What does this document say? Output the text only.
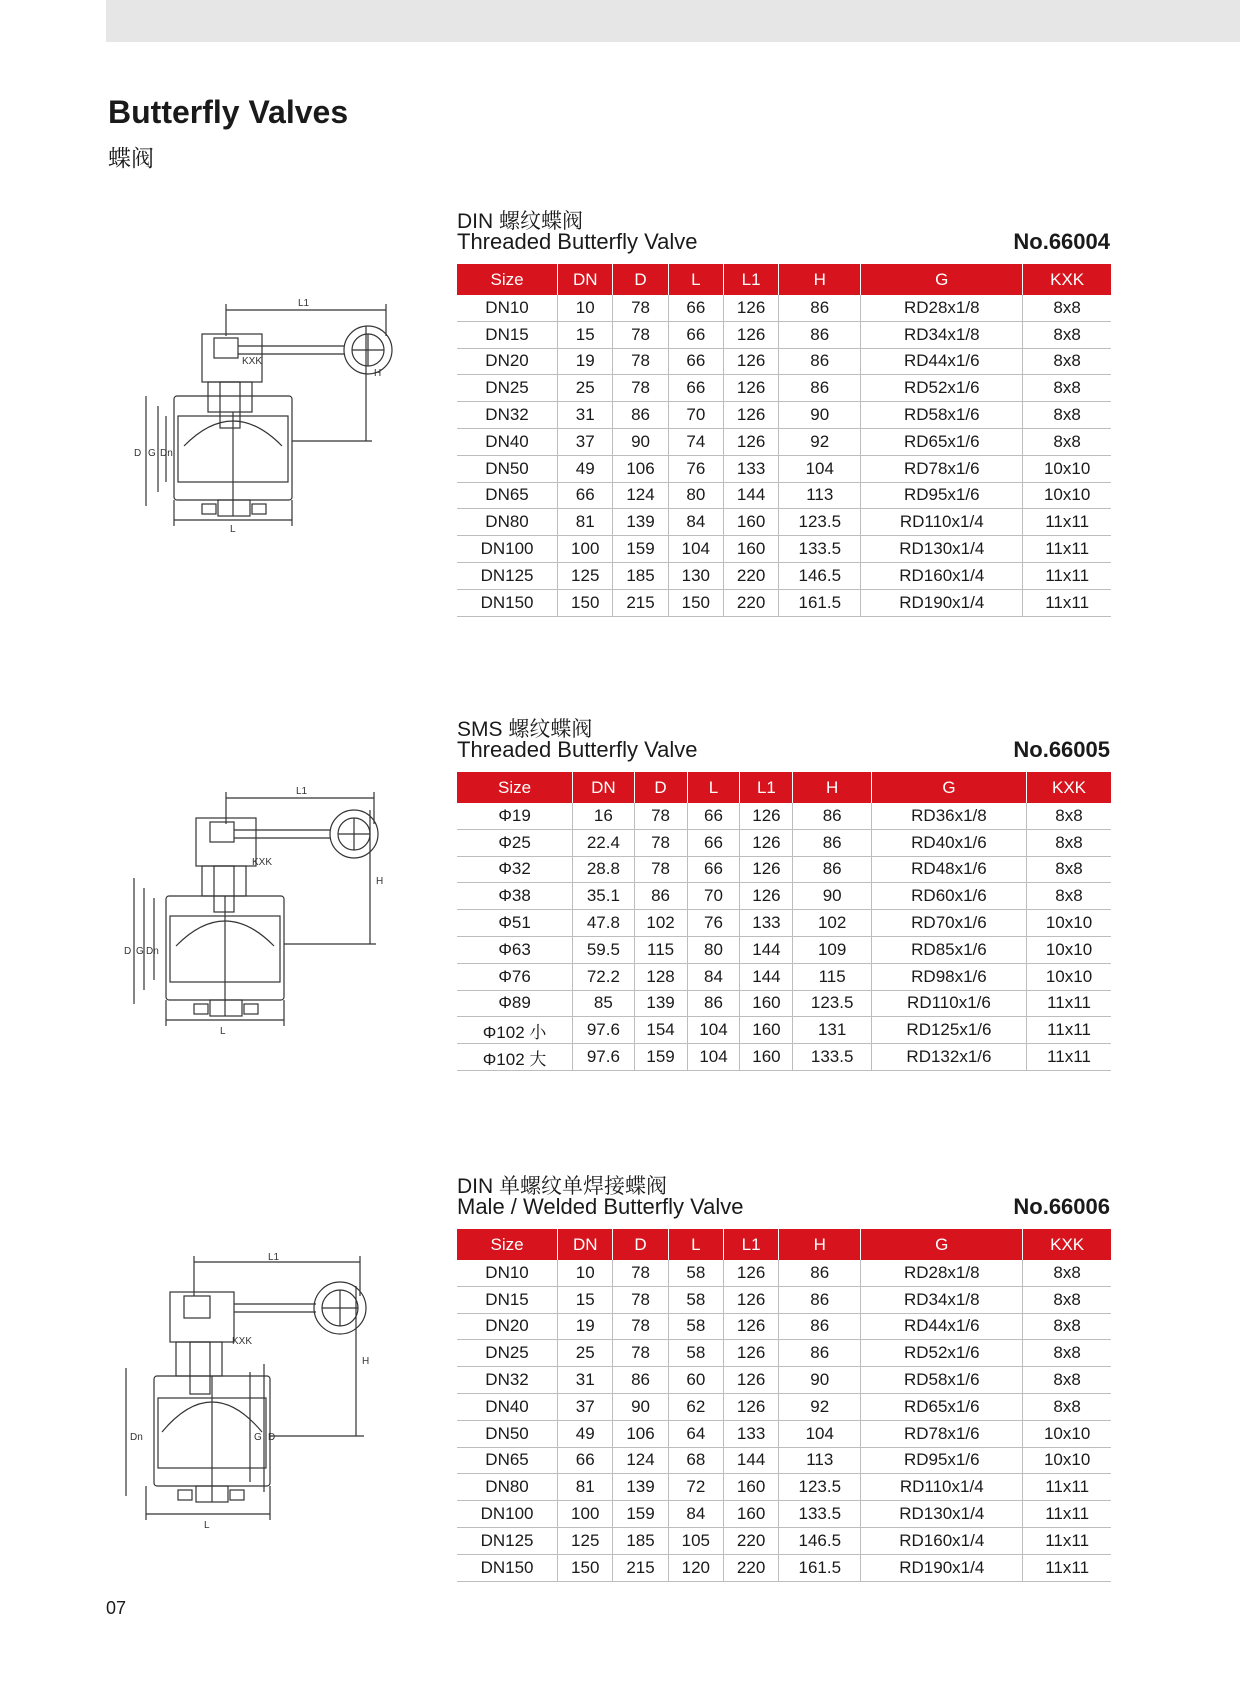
Butterfly Valves
蝶阀
L1
KXK
H
D G Dn
L
DIN 螺纹蝶阀
Threaded Butterfly Valve	No.66004
Size	DN	D	L	L1	H	G	KXK
DN10	10	78	66	126	86	RD28x1/8	8x8
DN15	15	78	66	126	86	RD34x1/8	8x8
DN20	19	78	66	126	86	RD44x1/6	8x8
DN25	25	78	66	126	86	RD52x1/6	8x8
DN32	31	86	70	126	90	RD58x1/6	8x8
DN40	37	90	74	126	92	RD65x1/6	8x8
DN50	49	106	76	133	104	RD78x1/6	10x10
DN65	66	124	80	144	113	RD95x1/6	10x10
DN80	81	139	84	160	123.5	RD110x1/4	11x11
DN100	100	159	104	160	133.5	RD130x1/4	11x11
DN125	125	185	130	220	146.5	RD160x1/4	11x11
DN150	150	215	150	220	161.5	RD190x1/4	11x11
L1
KXK
H
D G Dn
L
SMS 螺纹蝶阀
Threaded Butterfly Valve	No.66005
Size	DN	D	L	L1	H	G	KXK
Φ19	16	78	66	126	86	RD36x1/8	8x8
Φ25	22.4	78	66	126	86	RD40x1/6	8x8
Φ32	28.8	78	66	126	86	RD48x1/6	8x8
Φ38	35.1	86	70	126	90	RD60x1/6	8x8
Φ51	47.8	102	76	133	102	RD70x1/6	10x10
Φ63	59.5	115	80	144	109	RD85x1/6	10x10
Φ76	72.2	128	84	144	115	RD98x1/6	10x10
Φ89	85	139	86	160	123.5	RD110x1/6	11x11
Φ102 小	97.6	154	104	160	131	RD125x1/6	11x11
Φ102 大	97.6	159	104	160	133.5	RD132x1/6	11x11
L1
KXK
H
Dn	G D
L
DIN 单螺纹单焊接蝶阀
Male / Welded Butterfly Valve	No.66006
Size	DN	D	L	L1	H	G	KXK
DN10	10	78	58	126	86	RD28x1/8	8x8
DN15	15	78	58	126	86	RD34x1/8	8x8
DN20	19	78	58	126	86	RD44x1/6	8x8
DN25	25	78	58	126	86	RD52x1/6	8x8
DN32	31	86	60	126	90	RD58x1/6	8x8
DN40	37	90	62	126	92	RD65x1/6	8x8
DN50	49	106	64	133	104	RD78x1/6	10x10
DN65	66	124	68	144	113	RD95x1/6	10x10
DN80	81	139	72	160	123.5	RD110x1/4	11x11
DN100	100	159	84	160	133.5	RD130x1/4	11x11
DN125	125	185	105	220	146.5	RD160x1/4	11x11
DN150	150	215	120	220	161.5	RD190x1/4	11x11
07
